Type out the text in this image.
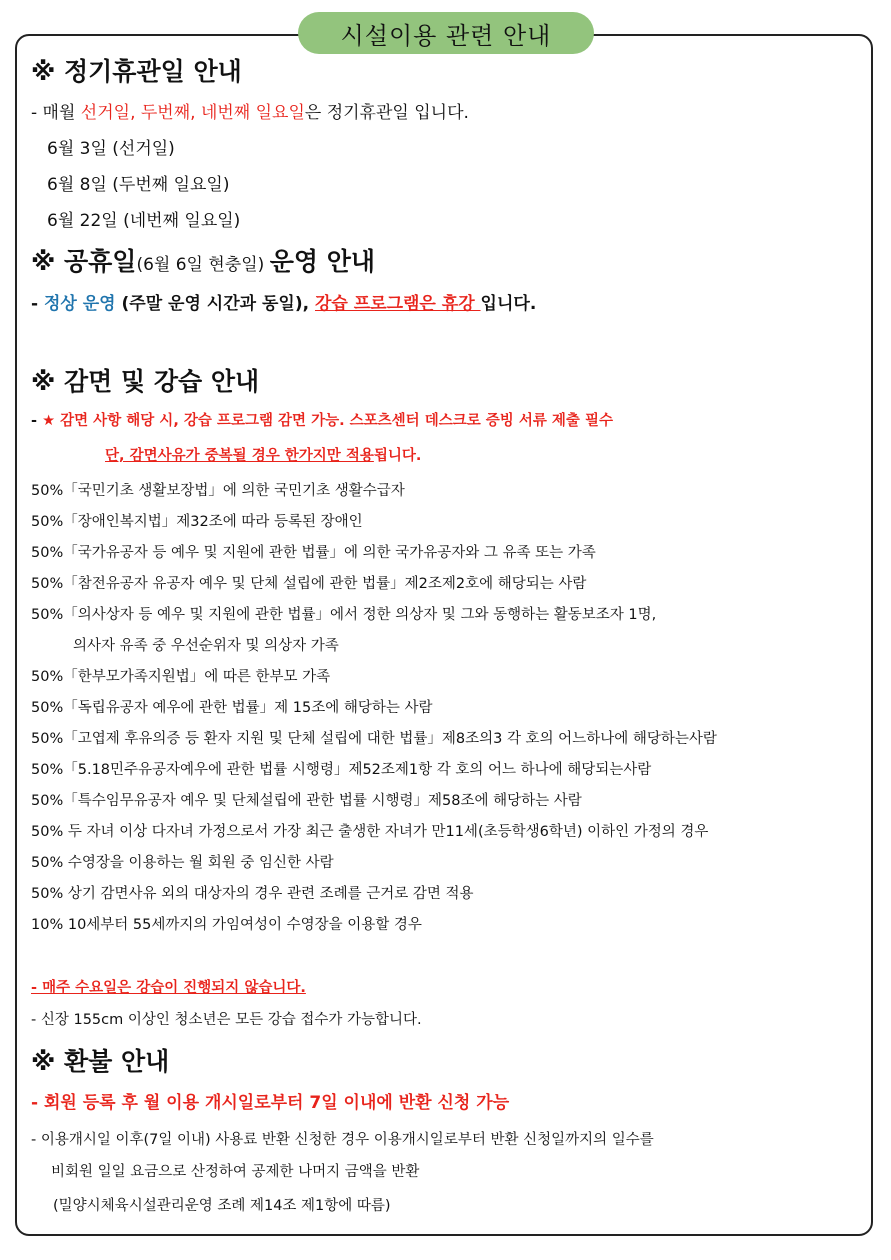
※ 정기휴관일 안내
- 매월 선거일, 두번째, 네번째 일요일은 정기휴관일 입니다.
6월 3일 (선거일)
6월 8일 (두번째 일요일)
6월 22일 (네번째 일요일)
※ 공휴일(6월 6일 현충일) 운영 안내
- 정상 운영 (주말 운영 시간과 동일), 강습 프로그램은 휴강 입니다.
※ 감면 및 강습 안내
- ★ 감면 사항 해당 시, 강습 프로그램 감면 가능. 스포츠센터 데스크로 증빙 서류 제출 필수
단, 감면사유가 중복될 경우 한가지만 적용됩니다.
50%「국민기초 생활보장법」에 의한 국민기초 생활수급자
50%「장애인복지법」제32조에 따라 등록된 장애인
50%「국가유공자 등 예우 및 지원에 관한 법률」에 의한 국가유공자와 그 유족 또는 가족
50%「참전유공자 유공자 예우 및 단체 설립에 관한 법률」제2조제2호에 해당되는 사람
50%「의사상자 등 예우 및 지원에 관한 법률」에서 정한 의상자 및 그와 동행하는 활동보조자 1명,
의사자 유족 중 우선순위자 및 의상자 가족
50%「한부모가족지원법」에 따른 한부모 가족
50%「독립유공자 예우에 관한 법률」제 15조에 해당하는 사람
50%「고엽제 후유의증 등 환자 지원 및 단체 설립에 대한 법률」제8조의3 각 호의 어느하나에 해당하는사람
50%「5.18민주유공자예우에 관한 법률 시행령」제52조제1항 각 호의 어느 하나에 해당되는사람
50%「특수임무유공자 예우 및 단체설립에 관한 법률 시행령」제58조에 해당하는 사람
50% 두 자녀 이상 다자녀 가정으로서 가장 최근 출생한 자녀가 만11세(초등학생6학년) 이하인 가정의 경우
50% 수영장을 이용하는 월 회원 중 임신한 사람
50% 상기 감면사유 외의 대상자의 경우 관련 조례를 근거로 감면 적용
10% 10세부터 55세까지의 가임여성이 수영장을 이용할 경우
- 매주 수요일은 강습이 진행되지 않습니다.
- 신장 155cm 이상인 청소년은 모든 강습 접수가 가능합니다.
※ 환불 안내
- 회원 등록 후 월 이용 개시일로부터 7일 이내에 반환 신청 가능
- 이용개시일 이후(7일 이내) 사용료 반환 신청한 경우 이용개시일로부터 반환 신청일까지의 일수를
비회원 일일 요금으로 산정하여 공제한 나머지 금액을 반환
(밀양시체육시설관리운영 조례 제14조 제1항에 따름)
시설이용 관련 안내
